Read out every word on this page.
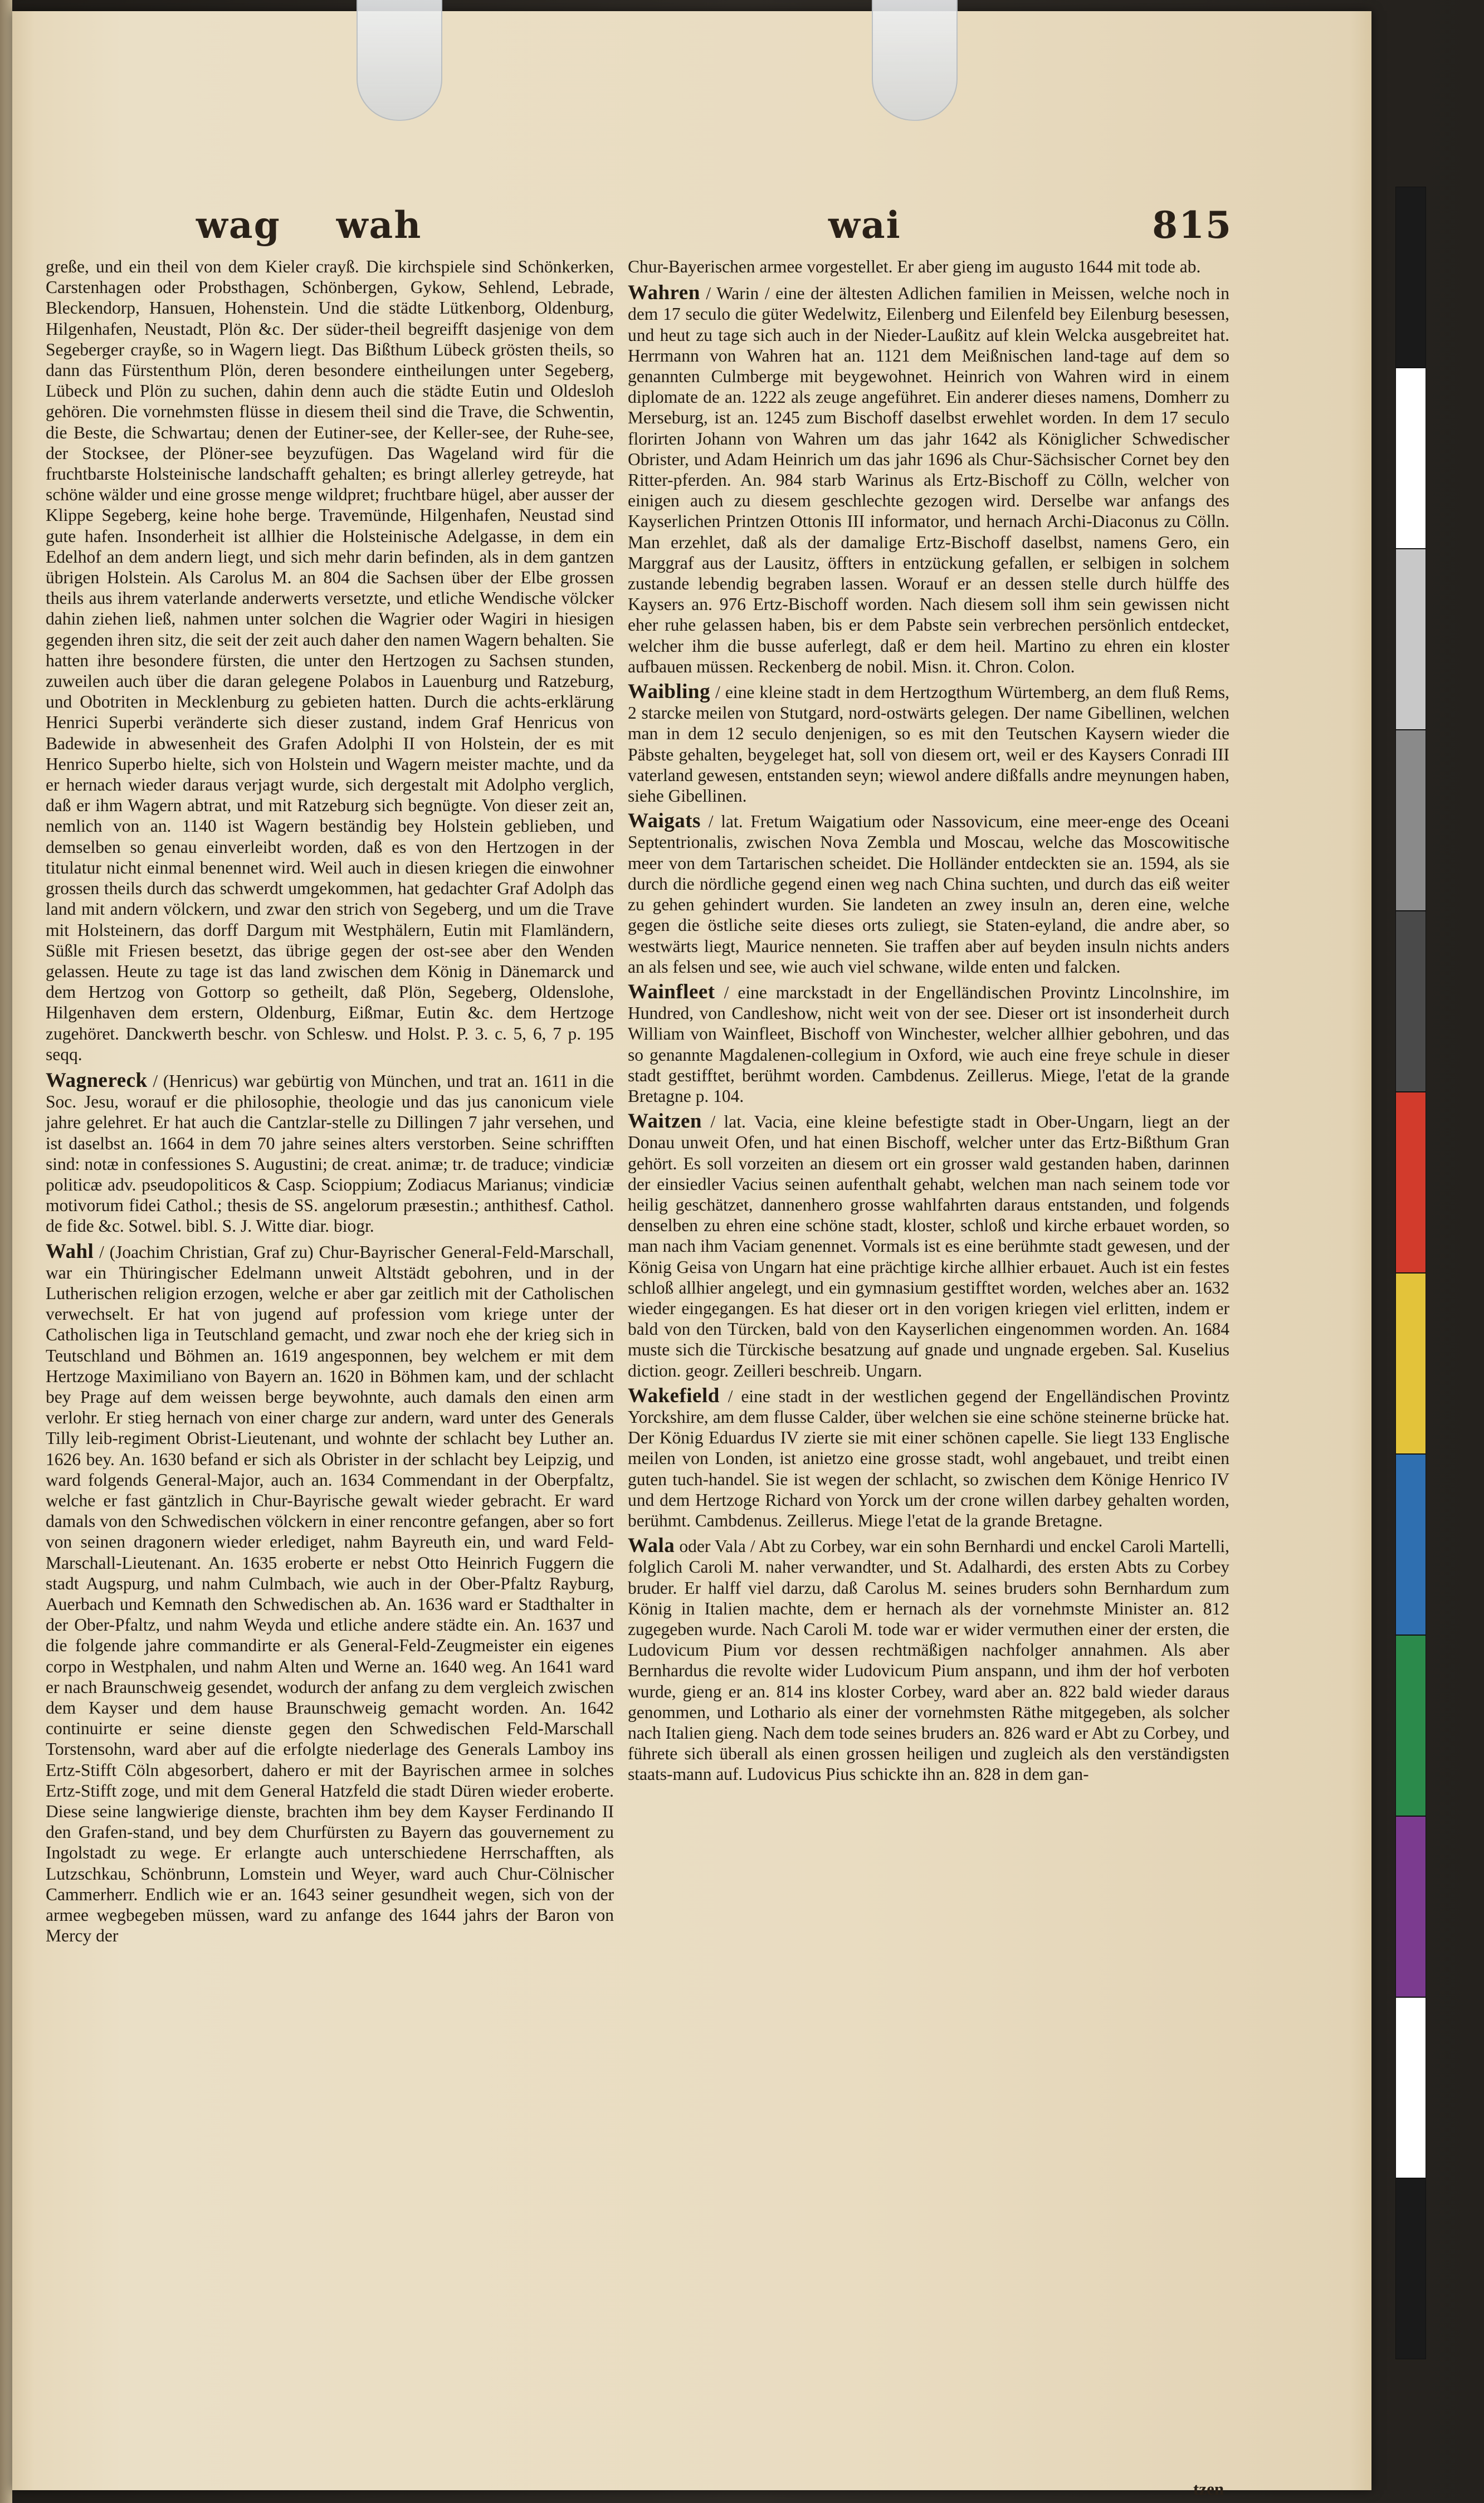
wag wah	wai	815

greße, und ein theil von dem Kieler crayß. Die kirchspiele sind Schönkerken, Carstenhagen oder Probsthagen, Schönbergen, Gykow, Sehlend, Lebrade, Bleckendorp, Hansuen, Hohenstein. Und die städte Lütkenborg, Oldenburg, Hilgenhafen, Neustadt, Plön &c. Der süder-theil begreifft dasjenige von dem Segeberger crayße, so in Wagern liegt. Das Bißthum Lübeck grösten theils, so dann das Fürstenthum Plön, deren besondere eintheilungen unter Segeberg, Lübeck und Plön zu suchen, dahin denn auch die städte Eutin und Oldesloh gehören. Die vornehmsten flüsse in diesem theil sind die Trave, die Schwentin, die Beste, die Schwartau; denen der Eutiner-see, der Keller-see, der Ruhe-see, der Stocksee, der Plöner-see beyzufügen. Das Wageland wird für die fruchtbarste Holsteinische landschafft gehalten; es bringt allerley getreyde, hat schöne wälder und eine grosse menge wildpret; fruchtbare hügel, aber ausser der Klippe Segeberg, keine hohe berge. Travemünde, Hilgenhafen, Neustad sind gute hafen. Insonderheit ist allhier die Holsteinische Adelgasse, in dem ein Edelhof an dem andern liegt, und sich mehr darin befinden, als in dem gantzen übrigen Holstein. Als Carolus M. an 804 die Sachsen über der Elbe grossen theils aus ihrem vaterlande anderwerts versetzte, und etliche Wendische völcker dahin ziehen ließ, nahmen unter solchen die Wagrier oder Wagiri in hiesigen gegenden ihren sitz, die seit der zeit auch daher den namen Wagern behalten. Sie hatten ihre besondere fürsten, die unter den Hertzogen zu Sachsen stunden, zuweilen auch über die daran gelegene Polabos in Lauenburg und Ratzeburg, und Obotriten in Mecklenburg zu gebieten hatten. Durch die achts-erklärung Henrici Superbi veränderte sich dieser zustand, indem Graf Henricus von Badewide in abwesenheit des Grafen Adolphi II von Holstein, der es mit Henrico Superbo hielte, sich von Holstein und Wagern meister machte, und da er hernach wieder daraus verjagt wurde, sich dergestalt mit Adolpho verglich, daß er ihm Wagern abtrat, und mit Ratzeburg sich begnügte. Von dieser zeit an, nemlich von an. 1140 ist Wagern beständig bey Holstein geblieben, und demselben so genau einverleibt worden, daß es von den Hertzogen in der titulatur nicht einmal benennet wird. Weil auch in diesen kriegen die einwohner grossen theils durch das schwerdt umgekommen, hat gedachter Graf Adolph das land mit andern völckern, und zwar den strich von Segeberg, und um die Trave mit Holsteinern, das dorff Dargum mit Westphälern, Eutin mit Flamländern, Süßle mit Friesen besetzt, das übrige gegen der ost-see aber den Wenden gelassen. Heute zu tage ist das land zwischen dem König in Dänemarck und dem Hertzog von Gottorp so getheilt, daß Plön, Segeberg, Oldenslohe, Hilgenhaven dem erstern, Oldenburg, Eißmar, Eutin &c. dem Hertzoge zugehöret. Danckwerth beschr. von Schlesw. und Holst. P. 3. c. 5, 6, 7 p. 195 seqq.

Wagnereck / (Henricus) war gebürtig von München, und trat an. 1611 in die Soc. Jesu, worauf er die philosophie, theologie und das jus canonicum viele jahre gelehret. Er hat auch die Cantzlar-stelle zu Dillingen 7 jahr versehen, und ist daselbst an. 1664 in dem 70 jahre seines alters verstorben. Seine schrifften sind: notæ in confessiones S. Augustini; de creat. animæ; tr. de traduce; vindiciæ politicæ adv. pseudopoliticos & Casp. Scioppium; Zodiacus Marianus; vindiciæ motivorum fidei Cathol.; thesis de SS. angelorum præsestin.; anthithesf. Cathol. de fide &c. Sotwel. bibl. S. J. Witte diar. biogr.

Wahl / (Joachim Christian, Graf zu) Chur-Bayrischer General-Feld-Marschall, war ein Thüringischer Edelmann unweit Altstädt gebohren, und in der Lutherischen religion erzogen, welche er aber gar zeitlich mit der Catholischen verwechselt. Er hat von jugend auf profession vom kriege unter der Catholischen liga in Teutschland gemacht, und zwar noch ehe der krieg sich in Teutschland und Böhmen an. 1619 angesponnen, bey welchem er mit dem Hertzoge Maximiliano von Bayern an. 1620 in Böhmen kam, und der schlacht bey Prage auf dem weissen berge beywohnte, auch damals den einen arm verlohr. Er stieg hernach von einer charge zur andern, ward unter des Generals Tilly leib-regiment Obrist-Lieutenant, und wohnte der schlacht bey Luther an. 1626 bey. An. 1630 befand er sich als Obrister in der schlacht bey Leipzig, und ward folgends General-Major, auch an. 1634 Commendant in der Oberpfaltz, welche er fast gäntzlich in Chur-Bayrische gewalt wieder gebracht. Er ward damals von den Schwedischen völckern in einer rencontre gefangen, aber so fort von seinen dragonern wieder erlediget, nahm Bayreuth ein, und ward Feld-Marschall-Lieutenant. An. 1635 eroberte er nebst Otto Heinrich Fuggern die stadt Augspurg, und nahm Culmbach, wie auch in der Ober-Pfaltz Rayburg, Auerbach und Kemnath den Schwedischen ab. An. 1636 ward er Stadthalter in der Ober-Pfaltz, und nahm Weyda und etliche andere städte ein. An. 1637 und die folgende jahre commandirte er als General-Feld-Zeugmeister ein eigenes corpo in Westphalen, und nahm Alten und Werne an. 1640 weg. An 1641 ward er nach Braunschweig gesendet, wodurch der anfang zu dem vergleich zwischen dem Kayser und dem hause Braunschweig gemacht worden. An. 1642 continuirte er seine dienste gegen den Schwedischen Feld-Marschall Torstensohn, ward aber auf die erfolgte niederlage des Generals Lamboy ins Ertz-Stifft Cöln abgesorbert, dahero er mit der Bayrischen armee in solches Ertz-Stifft zoge, und mit dem General Hatzfeld die stadt Düren wieder eroberte. Diese seine langwierige dienste, brachten ihm bey dem Kayser Ferdinando II den Grafen-stand, und bey dem Churfürsten zu Bayern das gouvernement zu Ingolstadt zu wege. Er erlangte auch unterschiedene Herrschafften, als Lutzschkau, Schönbrunn, Lomstein und Weyer, ward auch Chur-Cölnischer Cammerherr. Endlich wie er an. 1643 seiner gesundheit wegen, sich von der armee wegbegeben müssen, ward zu anfange des 1644 jahrs der Baron von Mercy der

Chur-Bayerischen armee vorgestellet. Er aber gieng im augusto 1644 mit tode ab.

Wahren / Warin / eine der ältesten Adlichen familien in Meissen, welche noch in dem 17 seculo die güter Wedelwitz, Eilenberg und Eilenfeld bey Eilenburg besessen, und heut zu tage sich auch in der Nieder-Laußitz auf klein Welcka ausgebreitet hat. Herrmann von Wahren hat an. 1121 dem Meißnischen land-tage auf dem so genannten Culmberge mit beygewohnet. Heinrich von Wahren wird in einem diplomate de an. 1222 als zeuge angeführet. Ein anderer dieses namens, Domherr zu Merseburg, ist an. 1245 zum Bischoff daselbst erwehlet worden. In dem 17 seculo florirten Johann von Wahren um das jahr 1642 als Königlicher Schwedischer Obrister, und Adam Heinrich um das jahr 1696 als Chur-Sächsischer Cornet bey den Ritter-pferden. An. 984 starb Warinus als Ertz-Bischoff zu Cölln, welcher von einigen auch zu diesem geschlechte gezogen wird. Derselbe war anfangs des Kayserlichen Printzen Ottonis III informator, und hernach Archi-Diaconus zu Cölln. Man erzehlet, daß als der damalige Ertz-Bischoff daselbst, namens Gero, ein Marggraf aus der Lausitz, öffters in entzückung gefallen, er selbigen in solchem zustande lebendig begraben lassen. Worauf er an dessen stelle durch hülffe des Kaysers an. 976 Ertz-Bischoff worden. Nach diesem soll ihm sein gewissen nicht eher ruhe gelassen haben, bis er dem Pabste sein verbrechen persönlich entdecket, welcher ihm die busse auferlegt, daß er dem heil. Martino zu ehren ein kloster aufbauen müssen. Reckenberg de nobil. Misn. it. Chron. Colon.

Waibling / eine kleine stadt in dem Hertzogthum Würtemberg, an dem fluß Rems, 2 starcke meilen von Stutgard, nord-ostwärts gelegen. Der name Gibellinen, welchen man in dem 12 seculo denjenigen, so es mit den Teutschen Kaysern wieder die Päbste gehalten, beygeleget hat, soll von diesem ort, weil er des Kaysers Conradi III vaterland gewesen, entstanden seyn; wiewol andere dißfalls andre meynungen haben, siehe Gibellinen.

Waigats / lat. Fretum Waigatium oder Nassovicum, eine meer-enge des Oceani Septentrionalis, zwischen Nova Zembla und Moscau, welche das Moscowitische meer von dem Tartarischen scheidet. Die Holländer entdeckten sie an. 1594, als sie durch die nördliche gegend einen weg nach China suchten, und durch das eiß weiter zu gehen gehindert wurden. Sie landeten an zwey insuln an, deren eine, welche gegen die östliche seite dieses orts zuliegt, sie Staten-eyland, die andre aber, so westwärts liegt, Maurice nenneten. Sie traffen aber auf beyden insuln nichts anders an als felsen und see, wie auch viel schwane, wilde enten und falcken.

Wainfleet / eine marckstadt in der Engelländischen Provintz Lincolnshire, im Hundred, von Candleshow, nicht weit von der see. Dieser ort ist insonderheit durch William von Wainfleet, Bischoff von Winchester, welcher allhier gebohren, und das so genannte Magdalenen-collegium in Oxford, wie auch eine freye schule in dieser stadt gestifftet, berühmt worden. Cambdenus. Zeillerus. Miege, l'etat de la grande Bretagne p. 104.

Waitzen / lat. Vacia, eine kleine befestigte stadt in Ober-Ungarn, liegt an der Donau unweit Ofen, und hat einen Bischoff, welcher unter das Ertz-Bißthum Gran gehört. Es soll vorzeiten an diesem ort ein grosser wald gestanden haben, darinnen der einsiedler Vacius seinen aufenthalt gehabt, welchen man nach seinem tode vor heilig geschätzet, dannenhero grosse wahlfahrten daraus entstanden, und folgends denselben zu ehren eine schöne stadt, kloster, schloß und kirche erbauet worden, so man nach ihm Vaciam genennet. Vormals ist es eine berühmte stadt gewesen, und der König Geisa von Ungarn hat eine prächtige kirche allhier erbauet. Auch ist ein festes schloß allhier angelegt, und ein gymnasium gestifftet worden, welches aber an. 1632 wieder eingegangen. Es hat dieser ort in den vorigen kriegen viel erlitten, indem er bald von den Türcken, bald von den Kayserlichen eingenommen worden. An. 1684 muste sich die Türckische besatzung auf gnade und ungnade ergeben. Sal. Kuselius diction. geogr. Zeilleri beschreib. Ungarn.

Wakefield / eine stadt in der westlichen gegend der Engelländischen Provintz Yorckshire, am dem flusse Calder, über welchen sie eine schöne steinerne brücke hat. Der König Eduardus IV zierte sie mit einer schönen capelle. Sie liegt 133 Englische meilen von Londen, ist anietzo eine grosse stadt, wohl angebauet, und treibt einen guten tuch-handel. Sie ist wegen der schlacht, so zwischen dem Könige Henrico IV und dem Hertzoge Richard von Yorck um der crone willen darbey gehalten worden, berühmt. Cambdenus. Zeillerus. Miege l'etat de la grande Bretagne.

Wala oder Vala / Abt zu Corbey, war ein sohn Bernhardi und enckel Caroli Martelli, folglich Caroli M. naher verwandter, und St. Adalhardi, des ersten Abts zu Corbey bruder. Er halff viel darzu, daß Carolus M. seines bruders sohn Bernhardum zum König in Italien machte, dem er hernach als der vornehmste Minister an. 812 zugegeben wurde. Nach Caroli M. tode war er wider vermuthen einer der ersten, die Ludovicum Pium vor dessen rechtmäßigen nachfolger annahmen. Als aber Bernhardus die revolte wider Ludovicum Pium anspann, und ihm der hof verboten wurde, gieng er an. 814 ins kloster Corbey, ward aber an. 822 bald wieder daraus genommen, und Lothario als einer der vornehmsten Räthe mitgegeben, als solcher nach Italien gieng. Nach dem tode seines bruders an. 826 ward er Abt zu Corbey, und führete sich überall als einen grossen heiligen und zugleich als den verständigsten staats-mann auf. Ludovicus Pius schickte ihn an. 828 in dem gan-

tzen
